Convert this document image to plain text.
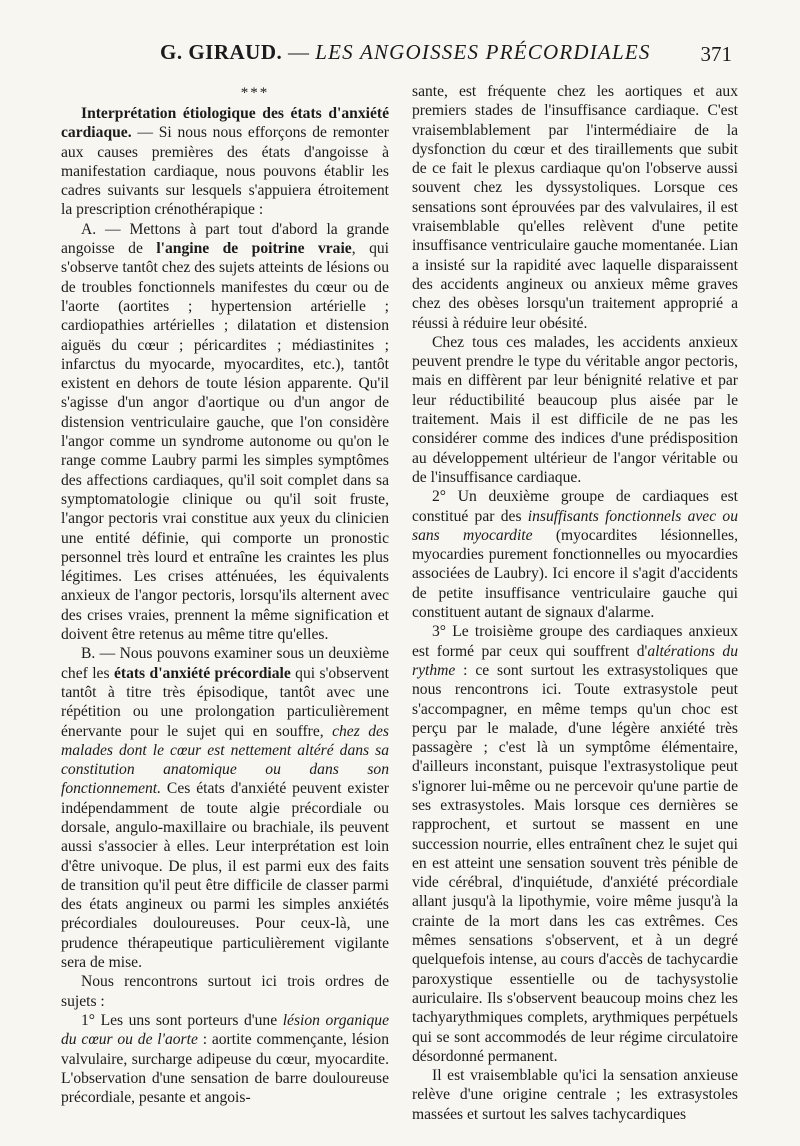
G. GIRAUD. — LES ANGOISSES PRÉCORDIALES 371
***

Interprétation étiologique des états d'anxiété cardiaque. — Si nous nous efforçons de remonter aux causes premières des états d'angoisse à manifestation cardiaque, nous pouvons établir les cadres suivants sur lesquels s'appuiera étroitement la prescription crénothérapique :

A. — Mettons à part tout d'abord la grande angoisse de l'angine de poitrine vraie, qui s'observe tantôt chez des sujets atteints de lésions ou de troubles fonctionnels manifestes du cœur ou de l'aorte (aortites ; hypertension artérielle ; cardiopathies artérielles ; dilatation et distension aiguës du cœur ; péricardites ; médiastinites ; infarctus du myocarde, myocardites, etc.), tantôt existent en dehors de toute lésion apparente. Qu'il s'agisse d'un angor d'aortique ou d'un angor de distension ventriculaire gauche, que l'on considère l'angor comme un syndrome autonome ou qu'on le range comme Laubry parmi les simples symptômes des affections cardiaques, qu'il soit complet dans sa symptomatologie clinique ou qu'il soit fruste, l'angor pectoris vrai constitue aux yeux du clinicien une entité définie, qui comporte un pronostic personnel très lourd et entraîne les craintes les plus légitimes. Les crises atténuées, les équivalents anxieux de l'angor pectoris, lorsqu'ils alternent avec des crises vraies, prennent la même signification et doivent être retenus au même titre qu'elles.

B. — Nous pouvons examiner sous un deuxième chef les états d'anxiété précordiale qui s'observent tantôt à titre très épisodique, tantôt avec une répétition ou une prolongation particulièrement énervante pour le sujet qui en souffre, chez des malades dont le cœur est nettement altéré dans sa constitution anatomique ou dans son fonctionnement. Ces états d'anxiété peuvent exister indépendamment de toute algie précordiale ou dorsale, angulo-maxillaire ou brachiale, ils peuvent aussi s'associer à elles. Leur interprétation est loin d'être univoque. De plus, il est parmi eux des faits de transition qu'il peut être difficile de classer parmi des états angineux ou parmi les simples anxiétés précordiales douloureuses. Pour ceux-là, une prudence thérapeutique particulièrement vigilante sera de mise.

Nous rencontrons surtout ici trois ordres de sujets :

1° Les uns sont porteurs d'une lésion organique du cœur ou de l'aorte : aortite commençante, lésion valvulaire, surcharge adipeuse du cœur, myocardite. L'observation d'une sensation de barre douloureuse précordiale, pesante et angois-

sante, est fréquente chez les aortiques et aux premiers stades de l'insuffisance cardiaque. C'est vraisemblablement par l'intermédiaire de la dysfonction du cœur et des tiraillements que subit de ce fait le plexus cardiaque qu'on l'observe aussi souvent chez les dyssystoliques. Lorsque ces sensations sont éprouvées par des valvulaires, il est vraisemblable qu'elles relèvent d'une petite insuffisance ventriculaire gauche momentanée. Lian a insisté sur la rapidité avec laquelle disparaissent des accidents angineux ou anxieux même graves chez des obèses lorsqu'un traitement approprié a réussi à réduire leur obésité.

Chez tous ces malades, les accidents anxieux peuvent prendre le type du véritable angor pectoris, mais en diffèrent par leur bénignité relative et par leur réductibilité beaucoup plus aisée par le traitement. Mais il est difficile de ne pas les considérer comme des indices d'une prédisposition au développement ultérieur de l'angor véritable ou de l'insuffisance cardiaque.

2° Un deuxième groupe de cardiaques est constitué par des insuffisants fonctionnels avec ou sans myocardite (myocardites lésionnelles, myocardies purement fonctionnelles ou myocardies associées de Laubry). Ici encore il s'agit d'accidents de petite insuffisance ventriculaire gauche qui constituent autant de signaux d'alarme.

3° Le troisième groupe des cardiaques anxieux est formé par ceux qui souffrent d'altérations du rythme : ce sont surtout les extrasystoliques que nous rencontrons ici. Toute extrasystole peut s'accompagner, en même temps qu'un choc est perçu par le malade, d'une légère anxiété très passagère ; c'est là un symptôme élémentaire, d'ailleurs inconstant, puisque l'extrasystolique peut s'ignorer lui-même ou ne percevoir qu'une partie de ses extrasystoles. Mais lorsque ces dernières se rapprochent, et surtout se massent en une succession nourrie, elles entraînent chez le sujet qui en est atteint une sensation souvent très pénible de vide cérébral, d'inquiétude, d'anxiété précordiale allant jusqu'à la lipothymie, voire même jusqu'à la crainte de la mort dans les cas extrêmes. Ces mêmes sensations s'observent, et à un degré quelquefois intense, au cours d'accès de tachycardie paroxystique essentielle ou de tachysystolie auriculaire. Ils s'observent beaucoup moins chez les tachyarythmiques complets, arythmiques perpétuels qui se sont accommodés de leur régime circulatoire désordonné permanent.

Il est vraisemblable qu'ici la sensation anxieuse relève d'une origine centrale ; les extrasystoles massées et surtout les salves tachycardiques
